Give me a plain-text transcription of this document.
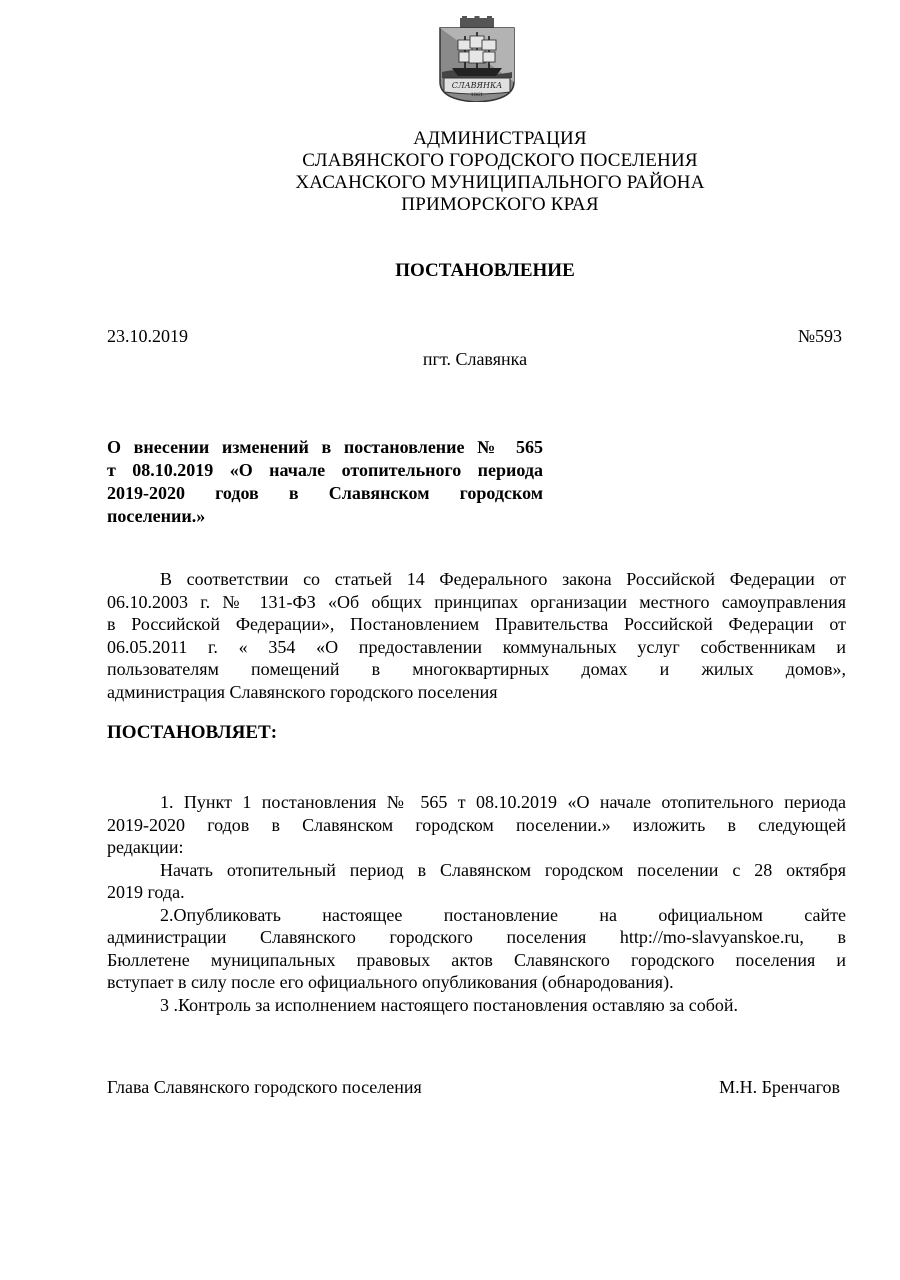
СЛАВЯНКА
1861
АДМИНИСТРАЦИЯ
СЛАВЯНСКОГО ГОРОДСКОГО ПОСЕЛЕНИЯ
ХАСАНСКОГО МУНИЦИПАЛЬНОГО РАЙОНА
ПРИМОРСКОГО КРАЯ
ПОСТАНОВЛЕНИЕ
23.10.2019	№593
пгт. Славянка
О внесении изменений в постановление № 565
т 08.10.2019 «О начале отопительного периода
2019-2020 годов в Славянском городском
поселении.»
В соответствии со статьей 14 Федерального закона Российской Федерации от
06.10.2003 г. № 131-ФЗ «Об общих принципах организации местного самоуправления
в Российской Федерации», Постановлением Правительства Российской Федерации от
06.05.2011 г. « 354 «О предоставлении коммунальных услуг собственникам и
пользователям помещений в многоквартирных домах и жилых домов»,
администрация Славянского городского поселения
ПОСТАНОВЛЯЕТ:
1. Пункт 1 постановления № 565 т 08.10.2019 «О начале отопительного периода
2019-2020 годов в Славянском городском поселении.» изложить в следующей
редакции:
Начать отопительный период в Славянском городском поселении с 28 октября
2019 года.
2.Опубликовать настоящее постановление на официальном сайте
администрации Славянского городского поселения http://mo-slavyanskoe.ru, в
Бюллетене муниципальных правовых актов Славянского городского поселения и
вступает в силу после его официального опубликования (обнародования).
3 .Контроль за исполнением настоящего постановления оставляю за собой.
Глава Славянского городского поселения	М.Н. Бренчагов
